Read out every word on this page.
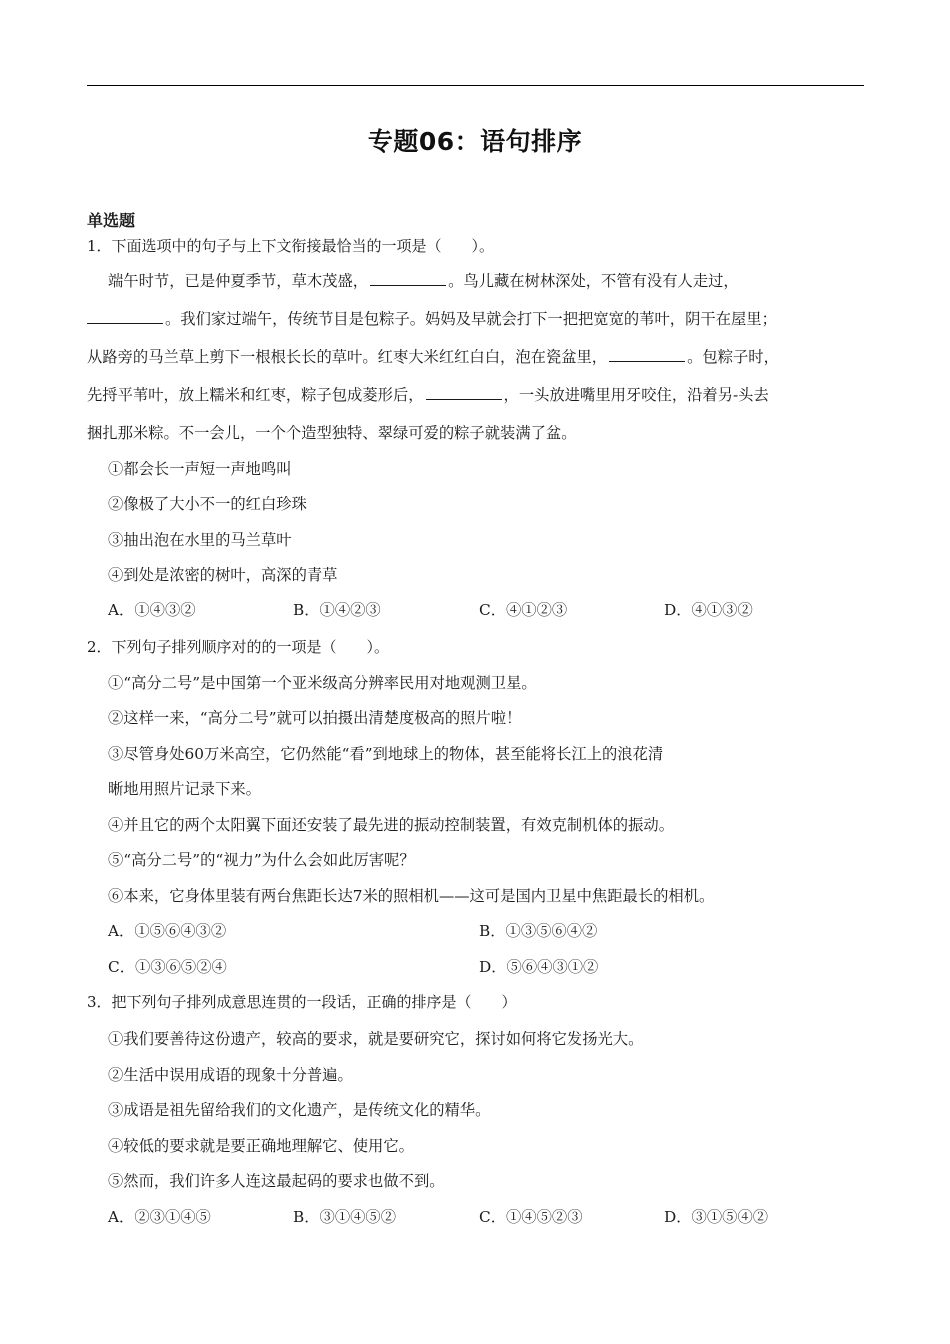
专题06：语句排序
单选题
1．下面选项中的句子与上下文衔接最恰当的一项是（　　）。
端午时节，已是仲夏季节，草木茂盛，	。鸟儿藏在树林深处，不管有没有人走过，
。我们家过端午，传统节目是包粽子。妈妈及早就会打下一把把宽宽的苇叶，阴干在屋里；
从路旁的马兰草上剪下一根根长长的草叶。红枣大米红红白白，泡在瓷盆里，	。包粽子时，
先捋平苇叶，放上糯米和红枣，粽子包成菱形后，	，一头放进嘴里用牙咬住，沿着另-头去
捆扎那米粽。不一会儿，一个个造型独特、翠绿可爱的粽子就装满了盆。
①都会长一声短一声地鸣叫
②像极了大小不一的红白珍珠
③抽出泡在水里的马兰草叶
④到处是浓密的树叶，高深的青草
A．①④③②	B．①④②③	C．④①②③	D．④①③②
2．下列句子排列顺序对的的一项是（　　）。
①“高分二号”是中国第一个亚米级高分辨率民用对地观测卫星。
②这样一来，“高分二号”就可以拍摄出清楚度极高的照片啦！
③尽管身处60万米高空，它仍然能“看”到地球上的物体，甚至能将长江上的浪花清
晰地用照片记录下来。
④并且它的两个太阳翼下面还安装了最先进的振动控制装置，有效克制机体的振动。
⑤“高分二号”的“视力”为什么会如此厉害呢？
⑥本来，它身体里装有两台焦距长达7米的照相机——这可是国内卫星中焦距最长的相机。
A．①⑤⑥④③②	B．①③⑤⑥④②
C．①③⑥⑤②④	D．⑤⑥④③①②
3．把下列句子排列成意思连贯的一段话，正确的排序是（　　）
①我们要善待这份遗产，较高的要求，就是要研究它，探讨如何将它发扬光大。
②生活中误用成语的现象十分普遍。
③成语是祖先留给我们的文化遗产，是传统文化的精华。
④较低的要求就是要正确地理解它、使用它。
⑤然而，我们许多人连这最起码的要求也做不到。
A．②③①④⑤	B．③①④⑤②	C．①④⑤②③	D．③①⑤④②
